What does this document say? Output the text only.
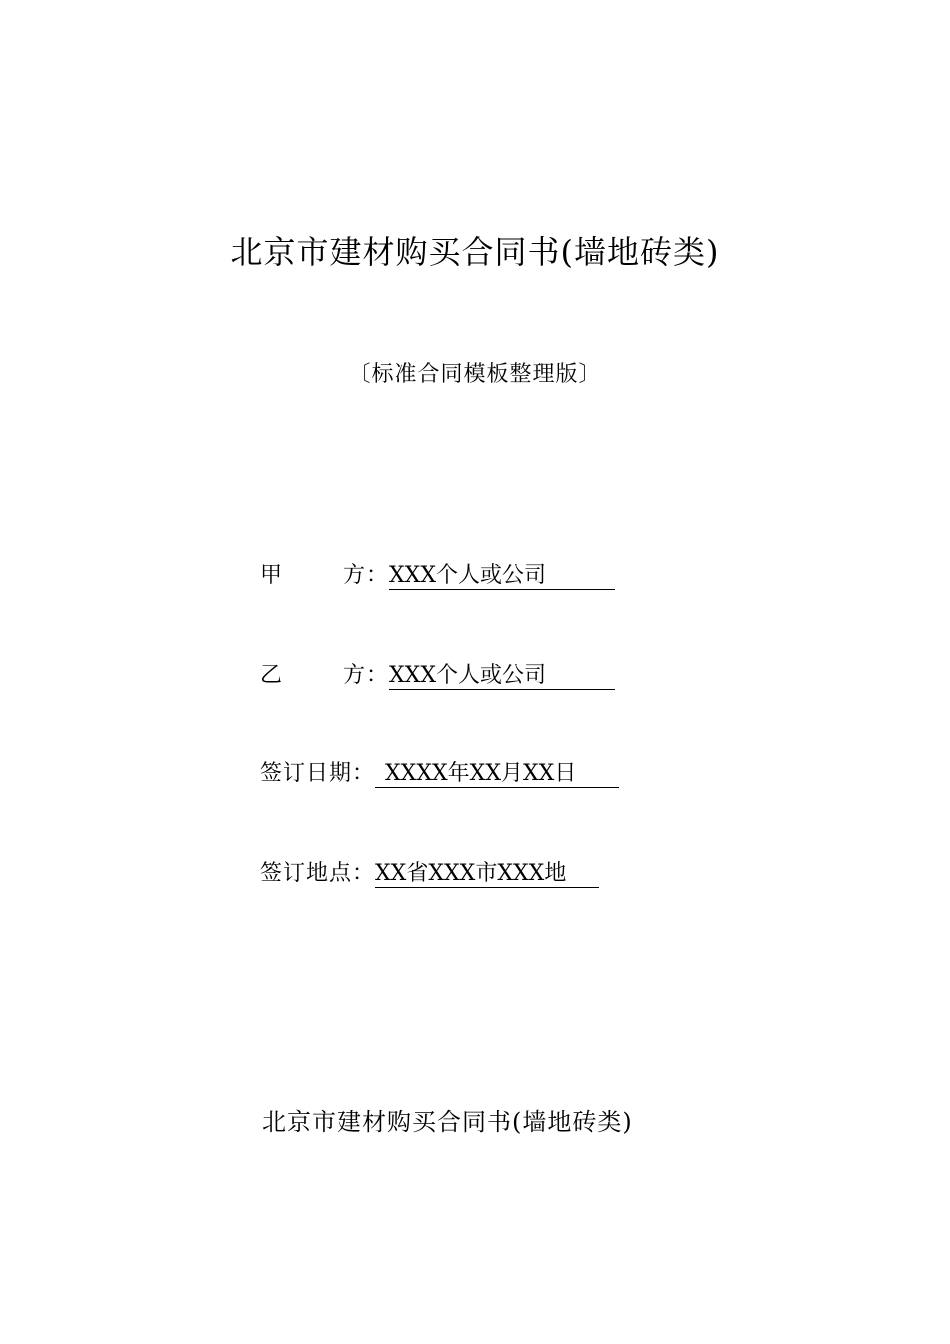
北京市建材购买合同书(墙地砖类)
〔标准合同模板整理版〕
甲	方： XXX个人或公司
乙	方： XXX个人或公司
签订日期： XXXX年XX月XX日
签订地点：XX省XXX市XXX地
北京市建材购买合同书(墙地砖类)
